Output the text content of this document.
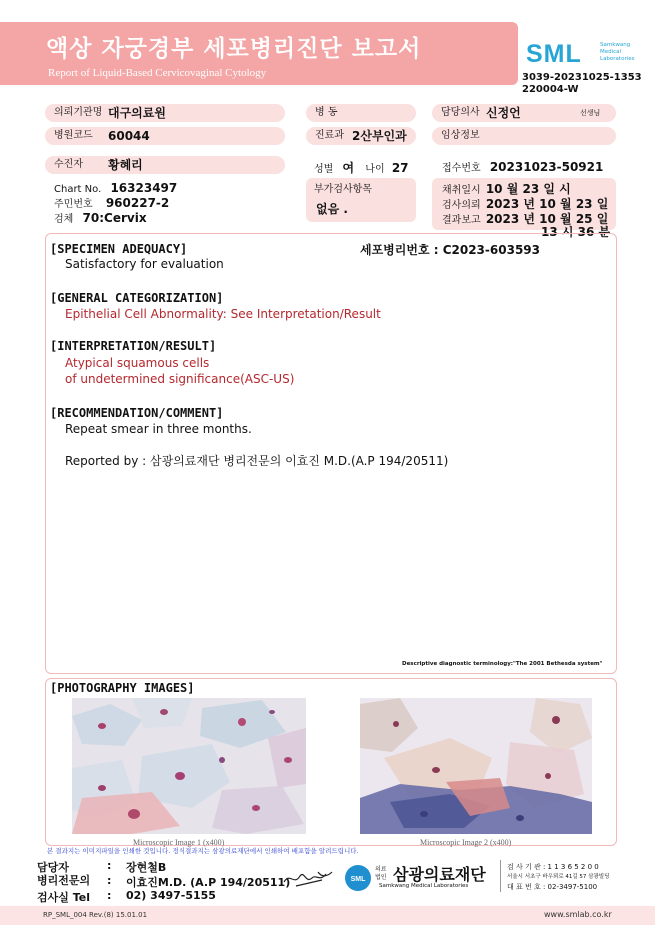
액상 자궁경부 세포병리진단 보고서
Report of Liquid-Based Cervicovaginal Cytology
SML	Samkwang
Medical
Laboratories
3039-20231025-1353
220004-W
의뢰기관명 대구의료원	병 동	담당의사 신정언	선생님
병원코드 60044	진료과 2산부인과	임상정보
수진자 황혜리	성별 여 나이 27	접수번호 20231023-50921
Chart No. 16323497
주민번호 960227-2
검체 70:Cervix
부가검사항목
없음 .
채취일시 10 월 23 일 시
검사의뢰 2023 년 10 월 23 일
결과보고 2023 년 10 월 25 일
13 시 36 분
[SPECIMEN ADEQUACY]	세포병리번호 : C2023-603593
Satisfactory for evaluation
[GENERAL CATEGORIZATION]
Epithelial Cell Abnormality: See Interpretation/Result
[INTERPRETATION/RESULT]
Atypical squamous cells
of undetermined significance(ASC-US)
[RECOMMENDATION/COMMENT]
Repeat smear in three months.
Reported by : 삼광의료재단 병리전문의 이효진 M.D.(A.P 194/20511)
Descriptive diagnostic terminology:"The 2001 Bethesda system"
[PHOTOGRAPHY IMAGES]
Microscopic Image 1 (x400)	Microscopic Image 2 (x400)
본 결과지는 이미지파일을 인쇄한 것입니다. 정식결과지는 삼광의료재단에서 인쇄하여 배포함을 알려드립니다.
담당자	: 장현철B
병리전문의 : 이효진M.D. (A.P 194/20511)
검사실 Tel : 02) 3497-5155
SML
의료
법인 삼광의료재단
Samkwang Medical Laboratories
검 사 기 관 : 1 1 3 6 5 2 0 0
서울시 서초구 바우뫼로 41길 57 삼광빌딩
대 표 번 호 : 02-3497-5100
RP_SML_004 Rev.(8) 15.01.01	www.smlab.co.kr
